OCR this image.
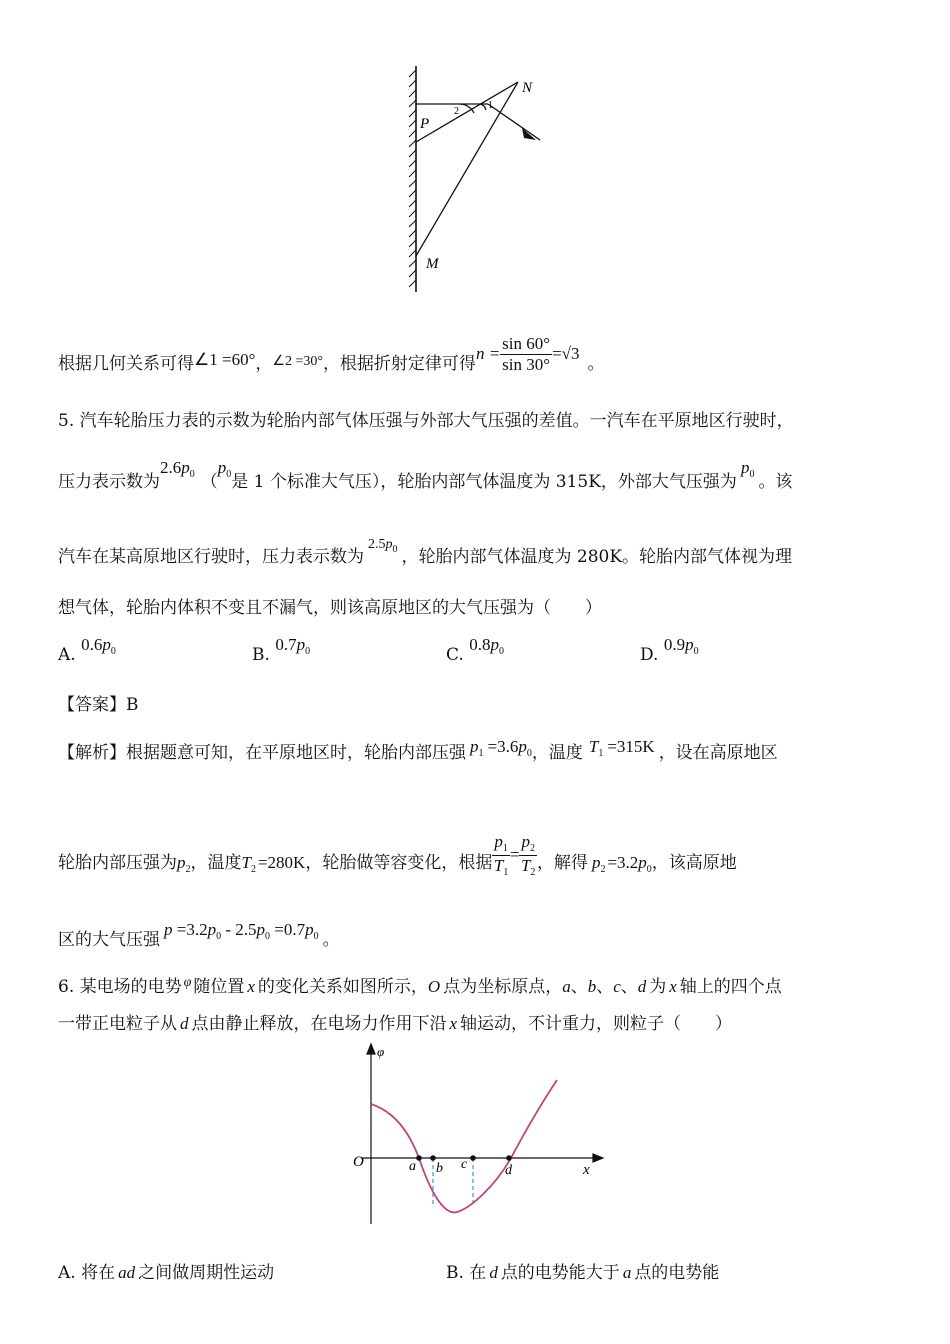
N
P
M
2
1
根据几何关系可得∠1 =60°，$^{\angle 2 =30^\circ}$，根据折射定律可得$n = \frac{\sin 60^\circ}{\sin 30^\circ} =√3$。
5. 汽车轮胎压力表的示数为轮胎内部气体压强与外部大气压强的差值。一汽车在平原地区行驶时，
压力表示数为$2.6p_0$ （$p_0$是 1 个标准大气压），轮胎内部气体温度为 315K，外部大气压强为$p_0$ 。该
汽车在某高原地区行驶时，压力表示数为$^{2.5p_0}$ ，轮胎内部气体温度为 280K。轮胎内部气体视为理
想气体，轮胎内体积不变且不漏气，则该高原地区的大气压强为（　　）
A. $0.6p_0$	B. $0.7p_0$	C. $0.8p_0$	D. $0.9p_0$
【答案】B
【解析】根据题意可知，在平原地区时，轮胎内部压强 $p_1 =3.6p_0$，温度 $T_1 =315K$ ，设在高原地区
轮胎内部压强为$p_2$，温度$T_2 =280K$，轮胎做等容变化，根据 $\frac{p_1}{T_1} = \frac{p_2}{T_2}$ ，解得 $p_2 =3.2p_0$，该高原地
区的大气压强$p =3.2p_0 - 2.5p_0 =0.7p_0$ 。
6. 某电场的电势 $^\varphi$ 随位置 x 的变化关系如图所示，O 点为坐标原点，a、b、c、d 为 x 轴上的四个点
一带正电粒子从 d 点由静止释放，在电场力作用下沿 x 轴运动，不计重力，则粒子（　　）
φ
O	x
a b c	d
A. 将在 ad 之间做周期性运动	B. 在 d 点的电势能大于 a 点的电势能
